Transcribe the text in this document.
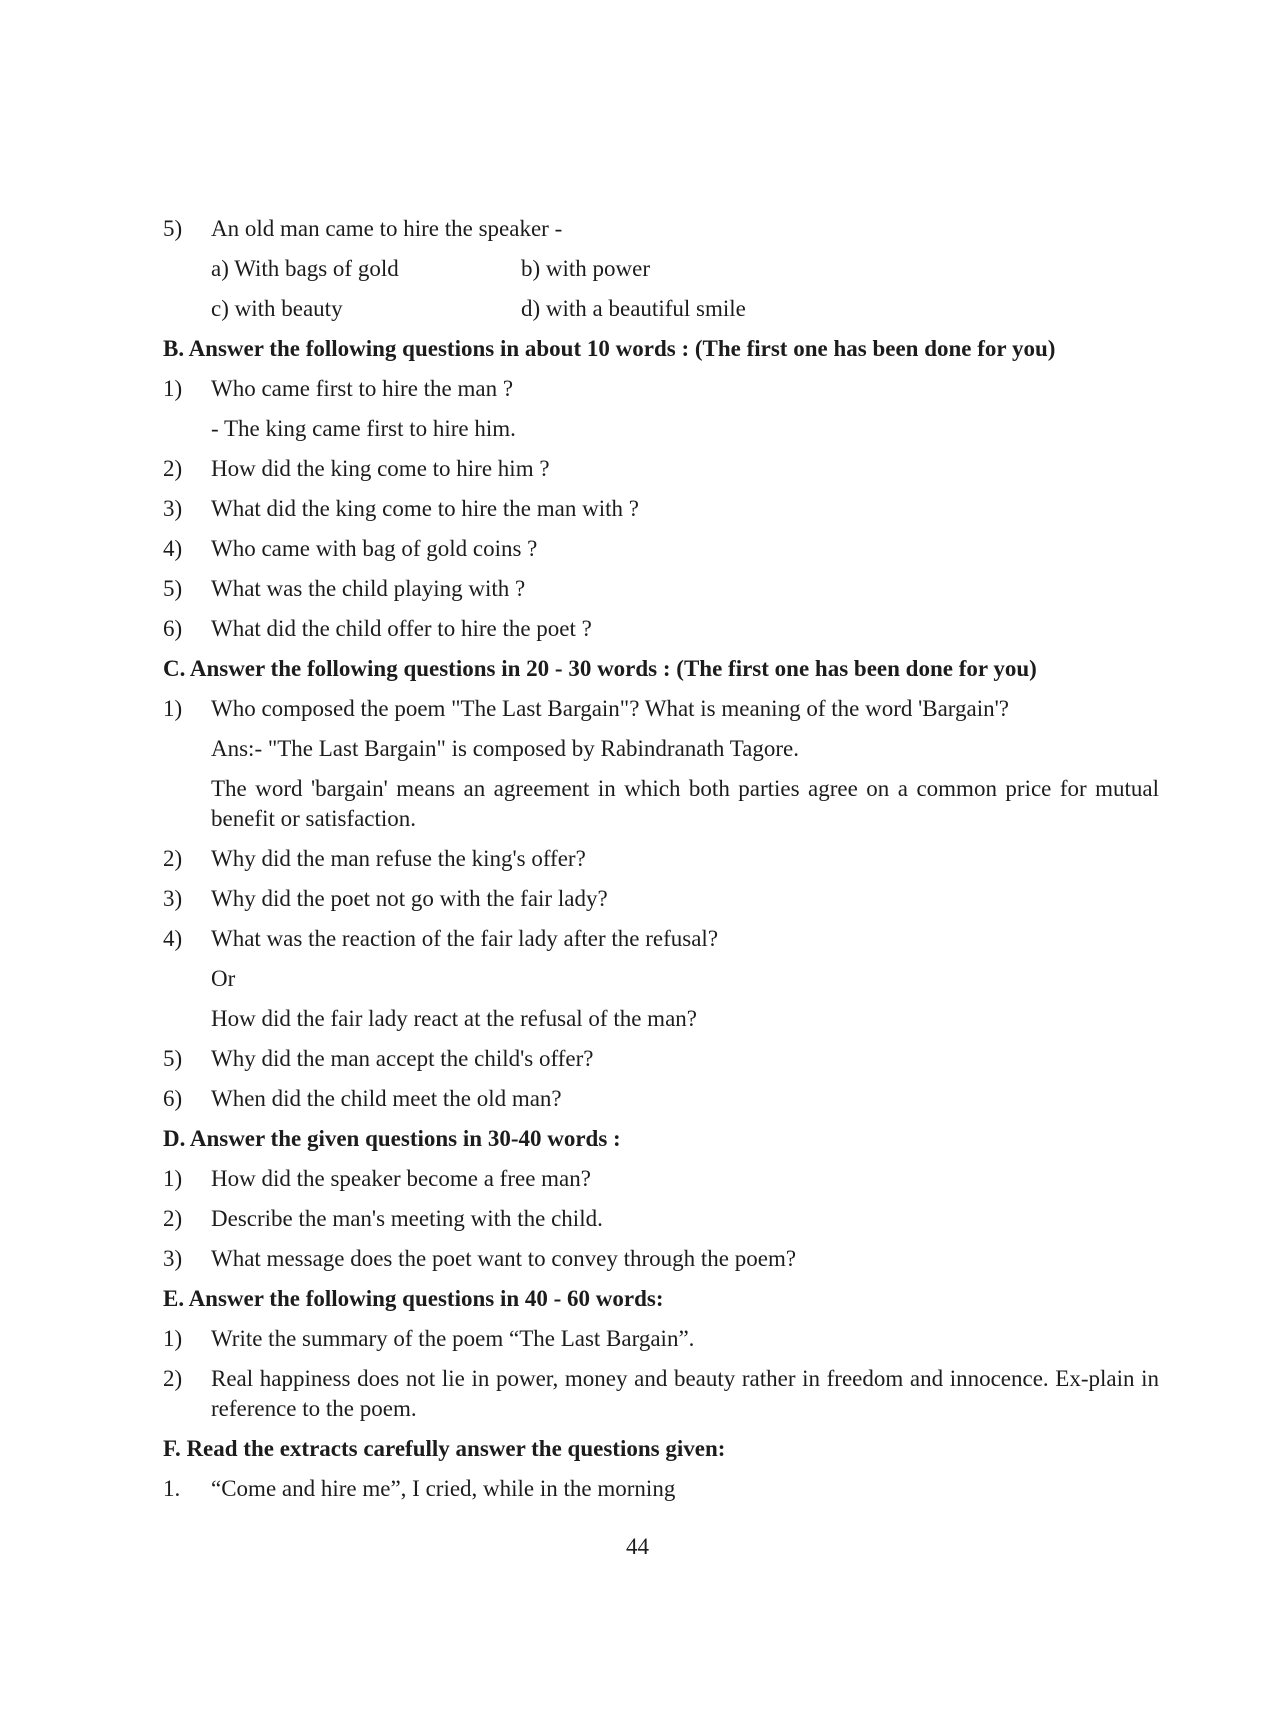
5)	An old man came to hire the speaker -
a) With bags of gold	b) with power
c) with beauty	d) with a beautiful smile
B. Answer the following questions in about 10 words : (The first one has been done for you)
1)	Who came first to hire the man ?
- The king came first to hire him.
2)	How did the king come to hire him ?
3)	What did the king come to hire the man with ?
4)	Who came with bag of gold coins ?
5)	What was the child playing with ?
6)	What did the child offer to hire the poet ?
C. Answer the following questions in 20 - 30 words : (The first one has been done for you)
1)	Who composed the poem "The Last Bargain"? What is meaning of the word 'Bargain'?
Ans:- "The Last Bargain" is composed by Rabindranath Tagore.
The word 'bargain' means an agreement in which both parties agree on a common price for mutual benefit or satisfaction.
2)	Why did the man refuse the king's offer?
3)	Why did the poet not go with the fair lady?
4)	What was the reaction of the fair lady after the refusal?
Or
How did the fair lady react at the refusal of the man?
5)	Why did the man accept the child's offer?
6)	When did the child meet the old man?
D. Answer the given questions in 30-40 words :
1)	How did the speaker become a free man?
2)	Describe the man's meeting with the child.
3)	What message does the poet want to convey through the poem?
E. Answer the following questions in 40 - 60 words:
1)	Write the summary of the poem “The Last Bargain”.
2)	Real happiness does not lie in power, money and beauty rather in freedom and innocence. Ex-plain in reference to the poem.
F. Read the extracts carefully answer the questions given:
1.	“Come and hire me”, I cried, while in the morning
44
